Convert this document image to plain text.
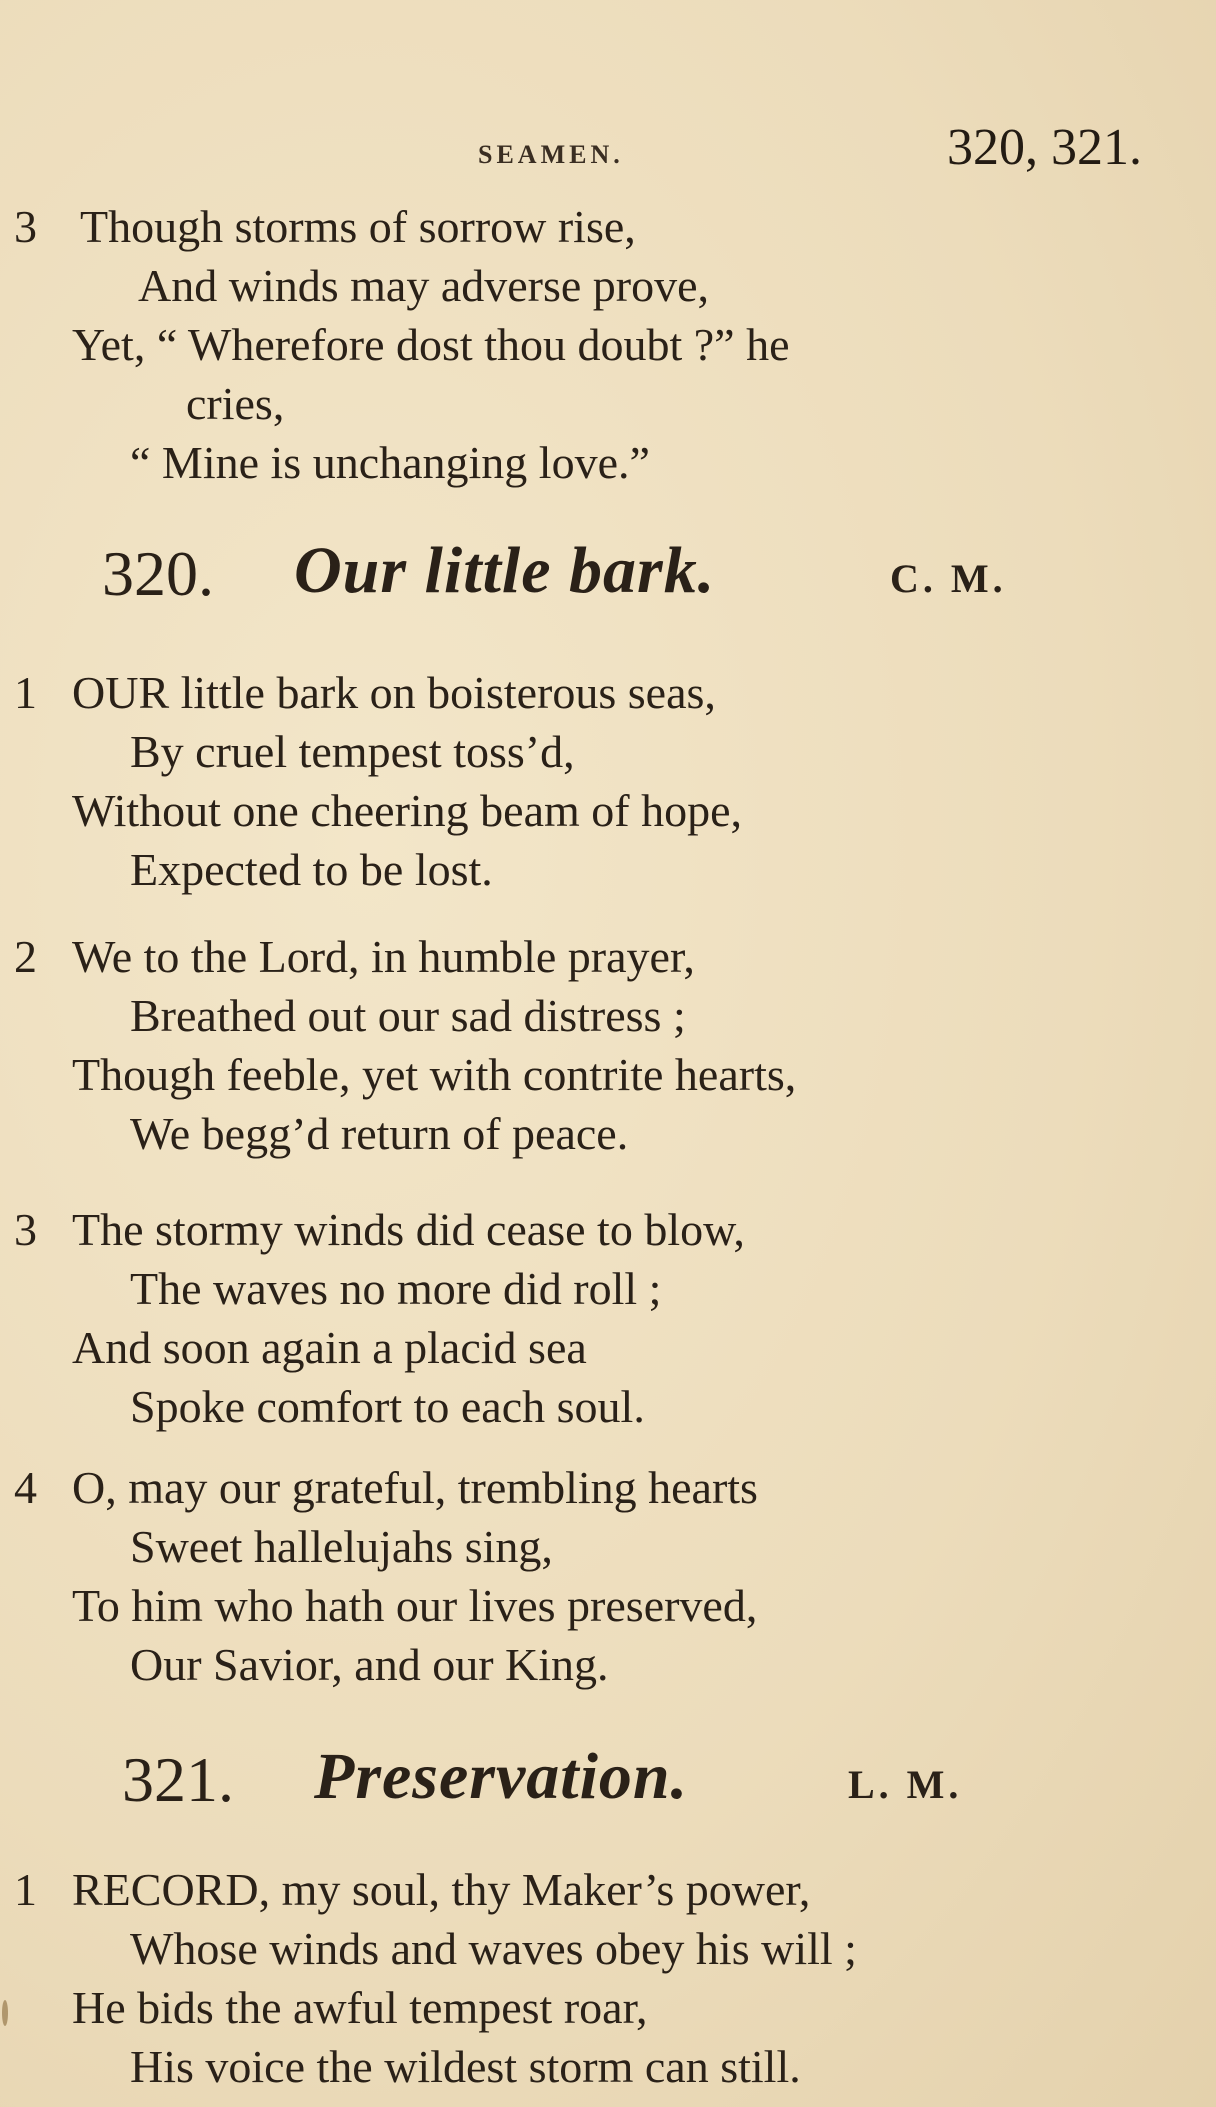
SEAMEN.	320, 321.
3 Though storms of sorrow rise,
And winds may adverse prove,
Yet, “ Wherefore dost thou doubt ?” he
cries,
“ Mine is unchanging love.”
320. Our little bark.	C. M.
1 OUR little bark on boisterous seas,
By cruel tempest toss’d,
Without one cheering beam of hope,
Expected to be lost.
2 We to the Lord, in humble prayer,
Breathed out our sad distress ;
Though feeble, yet with contrite hearts,
We begg’d return of peace.
3 The stormy winds did cease to blow,
The waves no more did roll ;
And soon again a placid sea
Spoke comfort to each soul.
4 O, may our grateful, trembling hearts
Sweet hallelujahs sing,
To him who hath our lives preserved,
Our Savior, and our King.
321. Preservation.	L. M.
1 RECORD, my soul, thy Maker’s power,
Whose winds and waves obey his will ;
He bids the awful tempest roar,
His voice the wildest storm can still.
